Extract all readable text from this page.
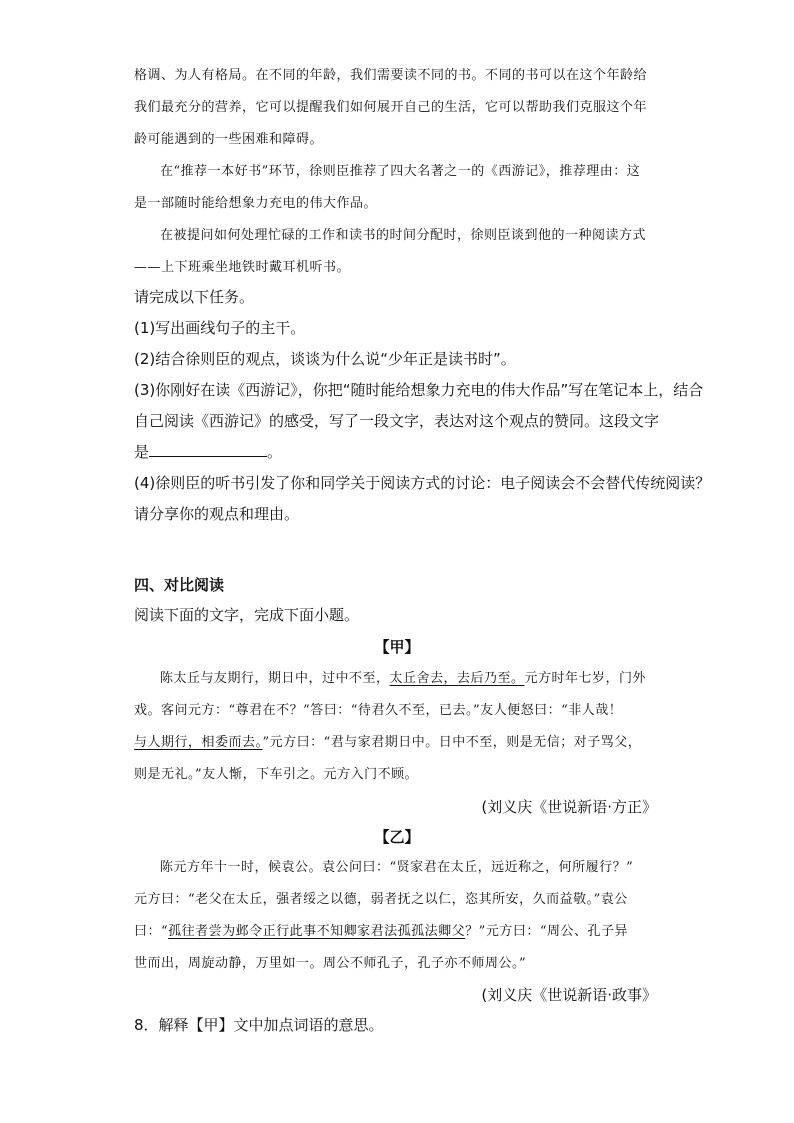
格调、为人有格局。在不同的年龄，我们需要读不同的书。不同的书可以在这个年龄给
我们最充分的营养，它可以提醒我们如何展开自己的生活，它可以帮助我们克服这个年
龄可能遇到的一些困难和障碍。
在“推荐一本好书”环节，徐则臣推荐了四大名著之一的《西游记》，推荐理由：这
是一部随时能给想象力充电的伟大作品。
在被提问如何处理忙碌的工作和读书的时间分配时，徐则臣谈到他的一种阅读方式
——上下班乘坐地铁时戴耳机听书。
请完成以下任务。
(1)写出画线句子的主干。
(2)结合徐则臣的观点，谈谈为什么说“少年正是读书时”。
(3)你刚好在读《西游记》，你把“随时能给想象力充电的伟大作品”写在笔记本上，结合
自己阅读《西游记》的感受，写了一段文字，表达对这个观点的赞同。这段文字
是	。
(4)徐则臣的听书引发了你和同学关于阅读方式的讨论：电子阅读会不会替代传统阅读？
请分享你的观点和理由。
四、对比阅读
阅读下面的文字，完成下面小题。
【甲】
陈太丘与友期行，期日中，过中不至，太丘舍去，去后乃至。元方时年七岁，门外
戏。客问元方：“尊君在不？”答曰：“待君久不至，已去。”友人便怒曰：“非人哉！
与人期行，相委而去。”元方曰：“君与家君期日中。日中不至，则是无信；对子骂父，
则是无礼。”友人惭，下车引之。元方入门不顾。
(刘义庆《世说新语·方正》
【乙】
陈元方年十一时，候袁公。袁公问曰：“贤家君在太丘，远近称之，何所履行？”
元方曰：“老父在太丘，强者绥之以德，弱者抚之以仁，恣其所安，久而益敬。”袁公
曰：“孤往者尝为邺令正行此事不知卿家君法孤孤法卿父？”元方曰：“周公、孔子异
世而出，周旋动静，万里如一。周公不师孔子，孔子亦不师周公。”
(刘义庆《世说新语·政事》
8．解释【甲】文中加点词语的意思。
